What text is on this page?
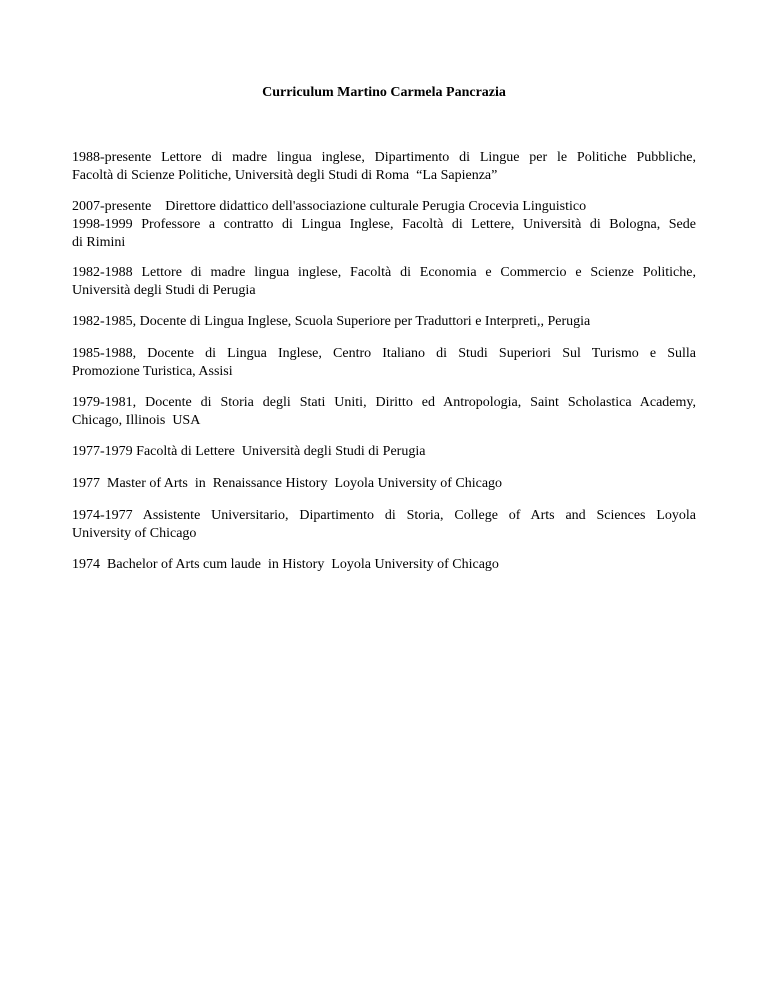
Curriculum Martino Carmela Pancrazia
1988-presente Lettore di madre lingua inglese, Dipartimento di Lingue per le Politiche Pubbliche,
Facoltà di Scienze Politiche, Università degli Studi di Roma  “La Sapienza”
2007-presente    Direttore didattico dell'associazione culturale Perugia Crocevia Linguistico
1998-1999 Professore a contratto di Lingua Inglese, Facoltà di Lettere, Università di Bologna, Sede
di Rimini
1982-1988 Lettore di madre lingua inglese, Facoltà di Economia e Commercio e Scienze Politiche,
Università degli Studi di Perugia
1982-1985, Docente di Lingua Inglese, Scuola Superiore per Traduttori e Interpreti,, Perugia
1985-1988, Docente di Lingua Inglese, Centro Italiano di Studi Superiori Sul Turismo e Sulla
Promozione Turistica, Assisi
1979-1981, Docente di Storia degli Stati Uniti, Diritto ed Antropologia, Saint Scholastica Academy,
Chicago, Illinois  USA
1977-1979 Facoltà di Lettere  Università degli Studi di Perugia
1977  Master of Arts  in  Renaissance History  Loyola University of Chicago
1974-1977 Assistente Universitario, Dipartimento di Storia, College of Arts and Sciences Loyola
University of Chicago
1974  Bachelor of Arts cum laude  in History  Loyola University of Chicago
